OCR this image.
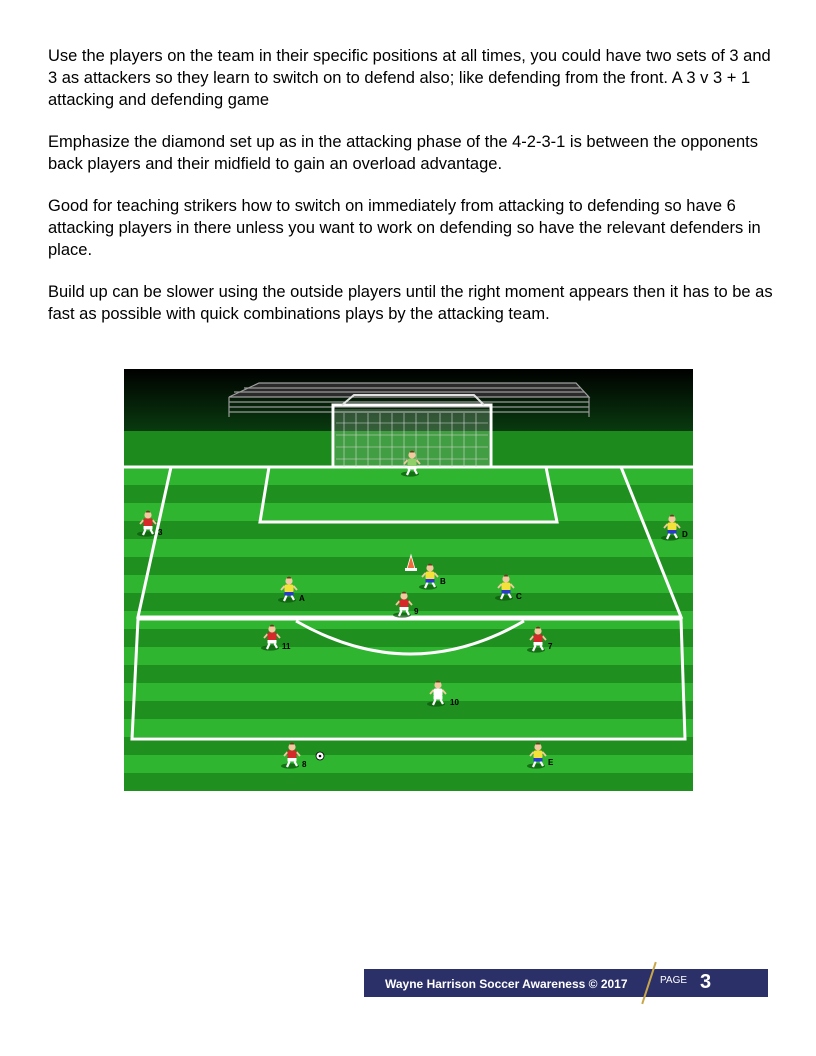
Use the players on the team in their specific positions at all times, you could have two sets of 3 and 3 as attackers so they learn to switch on to defend also; like defending from the front. A 3 v 3 + 1 attacking and defending game

Emphasize the diamond set up as in the attacking phase of the 4-2-3-1 is between the opponents back players and their midfield to gain an overload advantage.

Good for teaching strikers how to switch on immediately from attacking to defending so have 6 attacking players in there unless you want to work on defending so have the relevant defenders in place.

Build up can be slower using the outside players until the right moment appears then it has to be as fast as possible with quick combinations plays by the attacking team.

3	D
A
B
C
9
11	7
10
8	E
Wayne Harrison Soccer Awareness © 2017	PAGE 3
